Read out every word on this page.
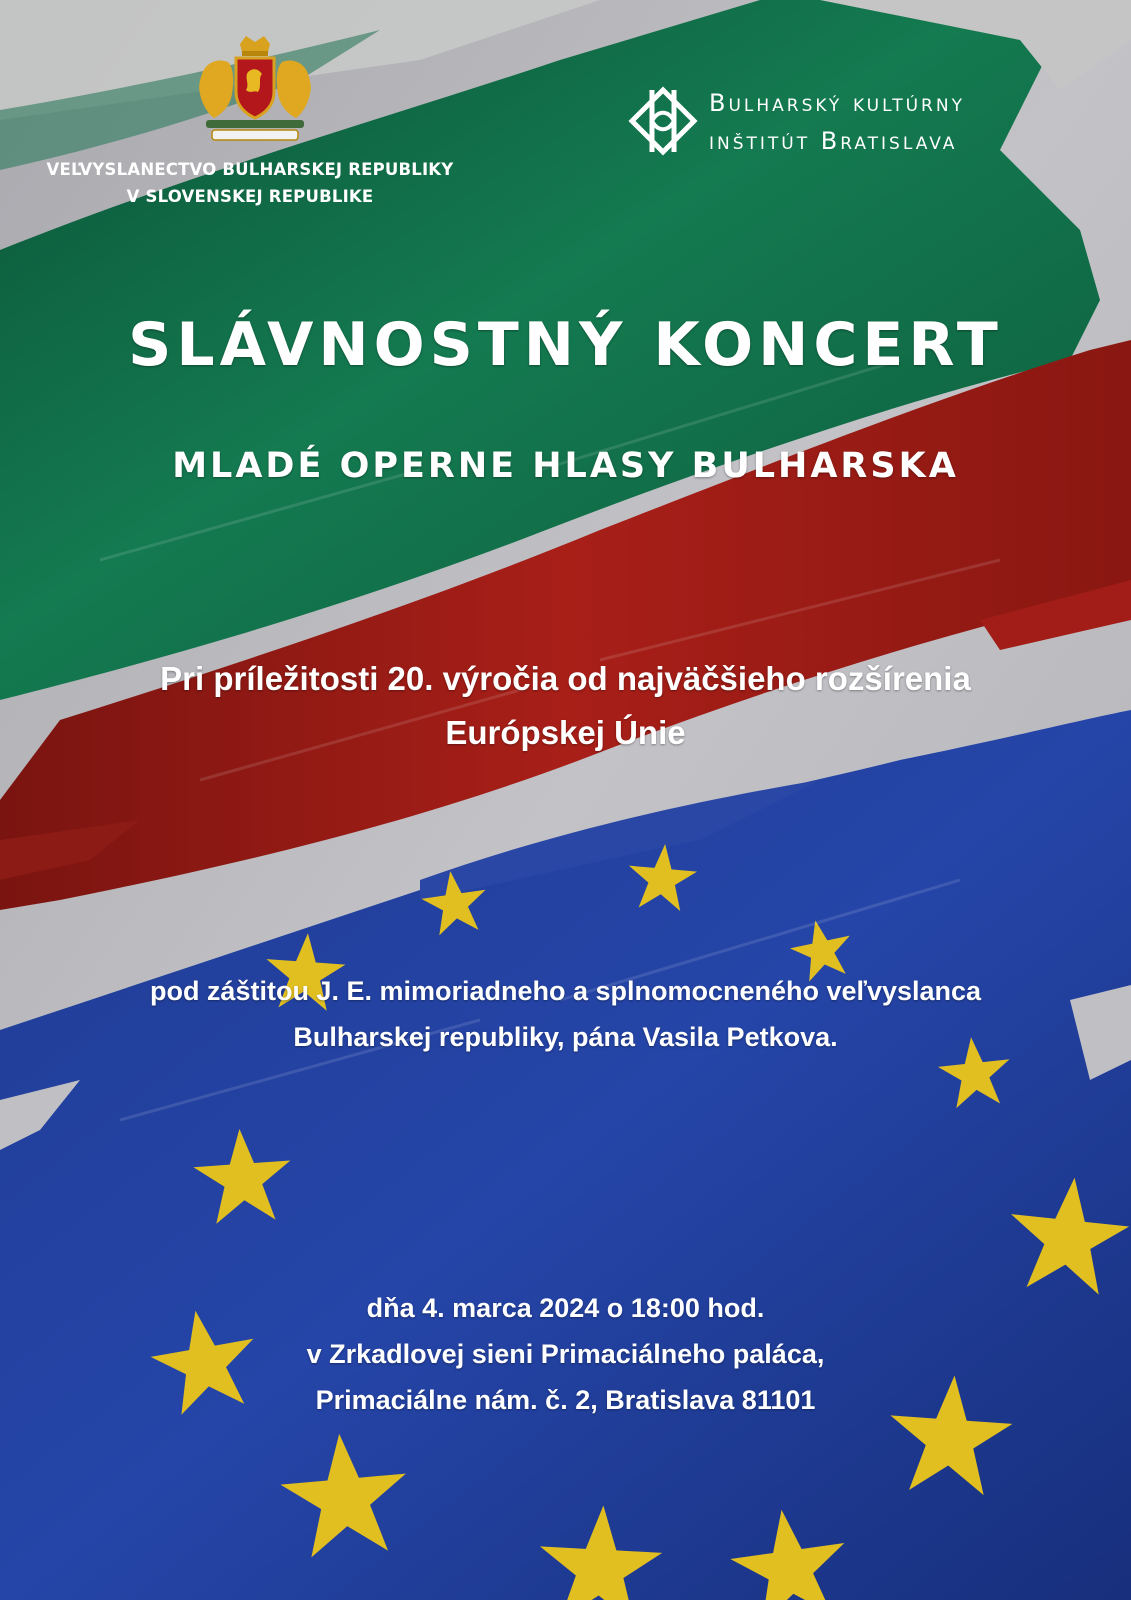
VEĽVYSLANECTVO BULHARSKEJ REPUBLIKY
V SLOVENSKEJ REPUBLIKE
Bulharský kultúrny
inštitút Bratislava
SLÁVNOSTNÝ KONCERT
MLADÉ OPERNE HLASY BULHARSKA
Pri príležitosti 20. výročia od najväčšieho rozšírenia
Európskej Únie
pod záštitou J. E. mimoriadneho a splnomocneného veľvyslanca
Bulharskej republiky, pána Vasila Petkova.
dňa 4. marca 2024 o 18:00 hod.
v Zrkadlovej sieni Primaciálneho paláca,
Primaciálne nám. č. 2, Bratislava 81101
